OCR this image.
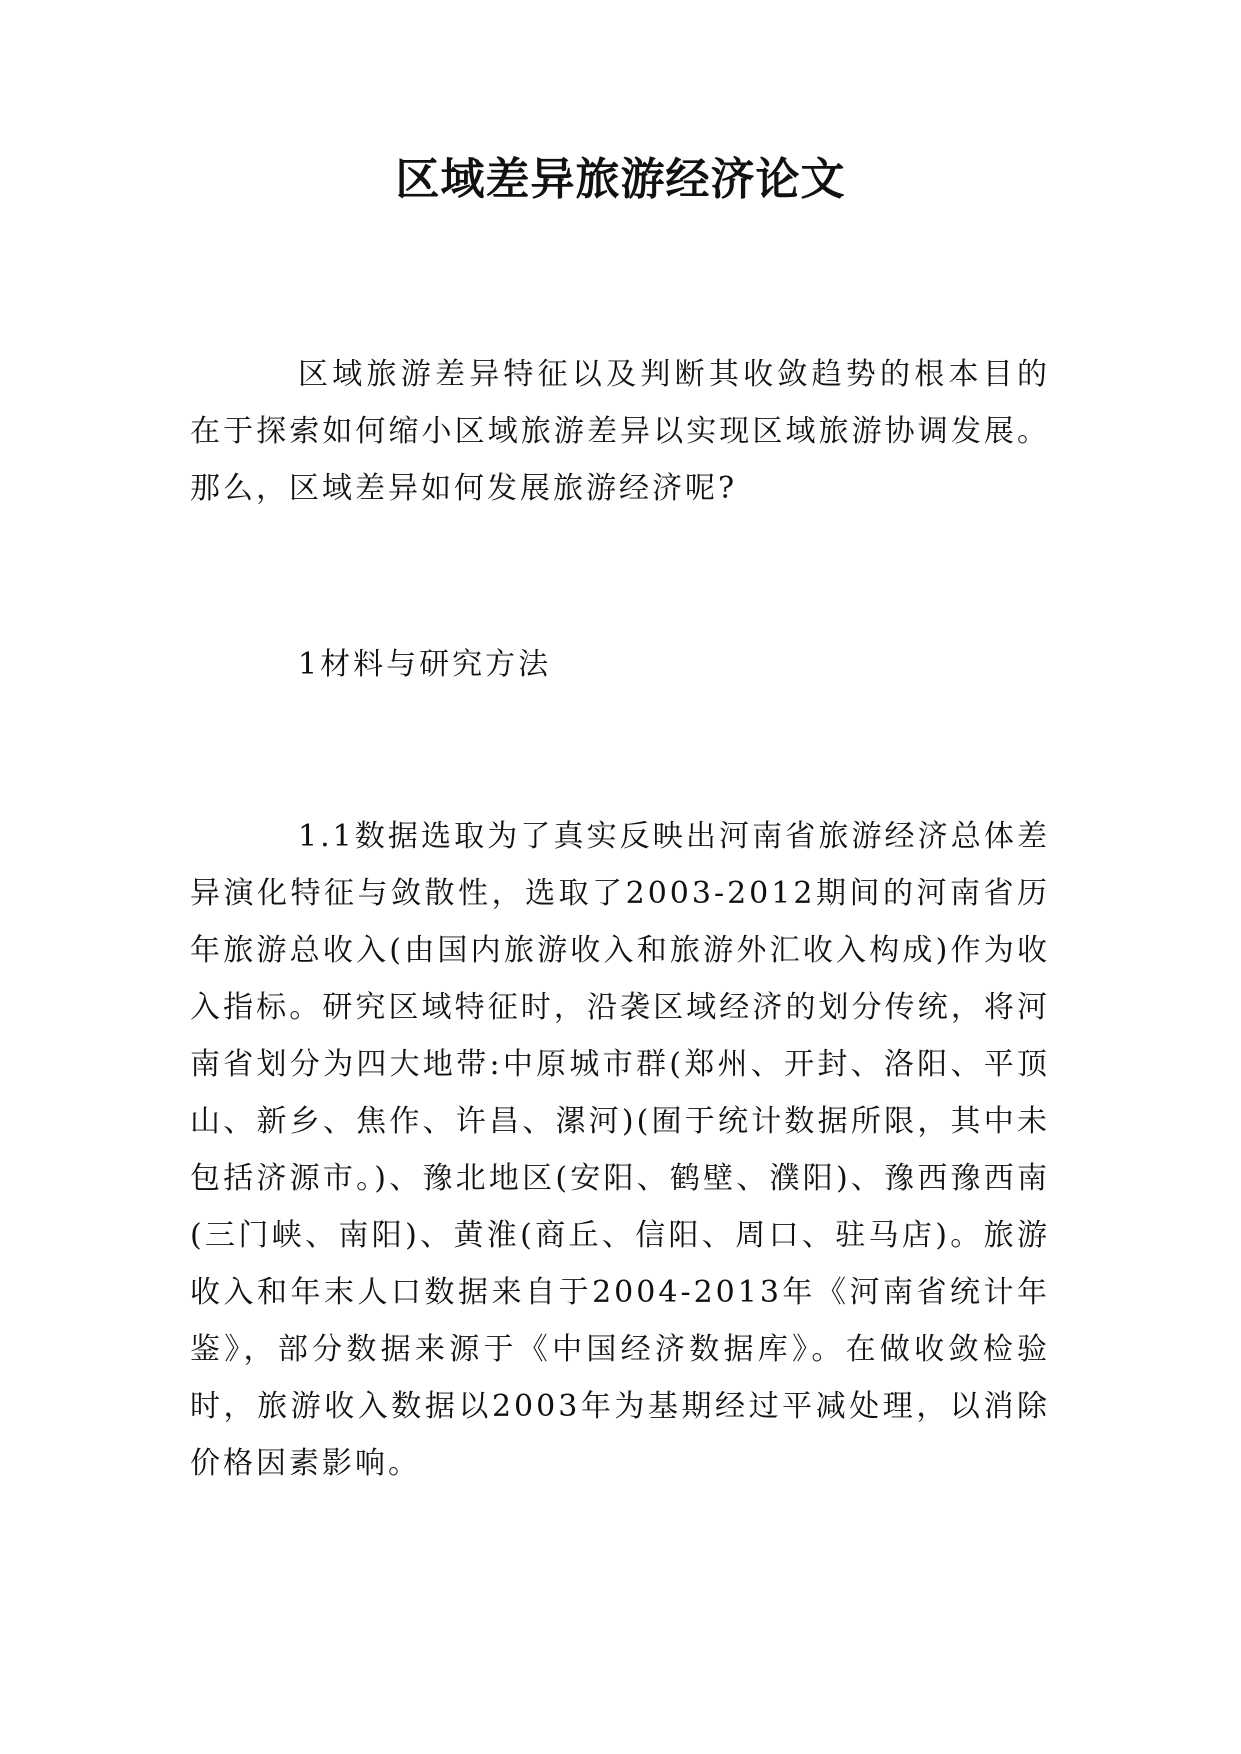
区域差异旅游经济论文

区域旅游差异特征以及判断其收敛趋势的根本目的在于探索如何缩小区域旅游差异以实现区域旅游协调发展。那么，区域差异如何发展旅游经济呢?

1材料与研究方法

1.1数据选取为了真实反映出河南省旅游经济总体差异演化特征与敛散性，选取了2003-2012期间的河南省历年旅游总收入(由国内旅游收入和旅游外汇收入构成)作为收入指标。研究区域特征时，沿袭区域经济的划分传统，将河南省划分为四大地带:中原城市群(郑州、开封、洛阳、平顶山、新乡、焦作、许昌、漯河)(囿于统计数据所限，其中未包括济源市。)、豫北地区(安阳、鹤壁、濮阳)、豫西豫西南(三门峡、南阳)、黄淮(商丘、信阳、周口、驻马店)。旅游收入和年末人口数据来自于2004-2013年《河南省统计年鉴》，部分数据来源于《中国经济数据库》。在做收敛检验时，旅游收入数据以2003年为基期经过平减处理，以消除价格因素影响。
